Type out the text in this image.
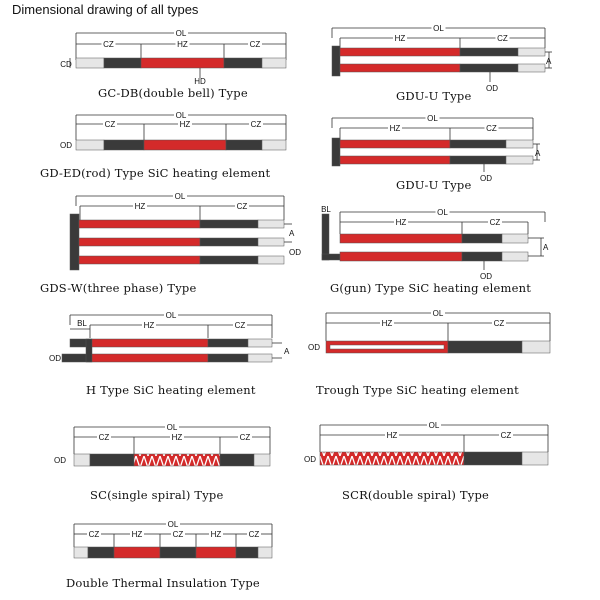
Dimensional drawing of all types
OL
CZ	HZ	CZ
CD
HD
OL
HZ	CZ
A
OD
OL
CZ	HZ	CZ
OD
OL
HZ	CZ
A
OD
OL
HZ	CZ
A
OD
BL	OL
HZ	CZ
A
OD
BL
OL
HZ	CZ
OD
A
OL
HZ	CZ
OD
OL
CZ	HZ	CZ
OD
OL
HZ	CZ
OD
OL
CZ	HZ	CZ	HZ	CZ
GC-DB(double bell) Type	GDU-U Type
GD-ED(rod) Type SiC heating element
GDU-U Type
GDS-W(three phase) Type	G(gun) Type SiC heating element
H Type SiC heating element	Trough Type SiC heating element
SC(single spiral) Type	SCR(double spiral) Type
Double Thermal Insulation Type
